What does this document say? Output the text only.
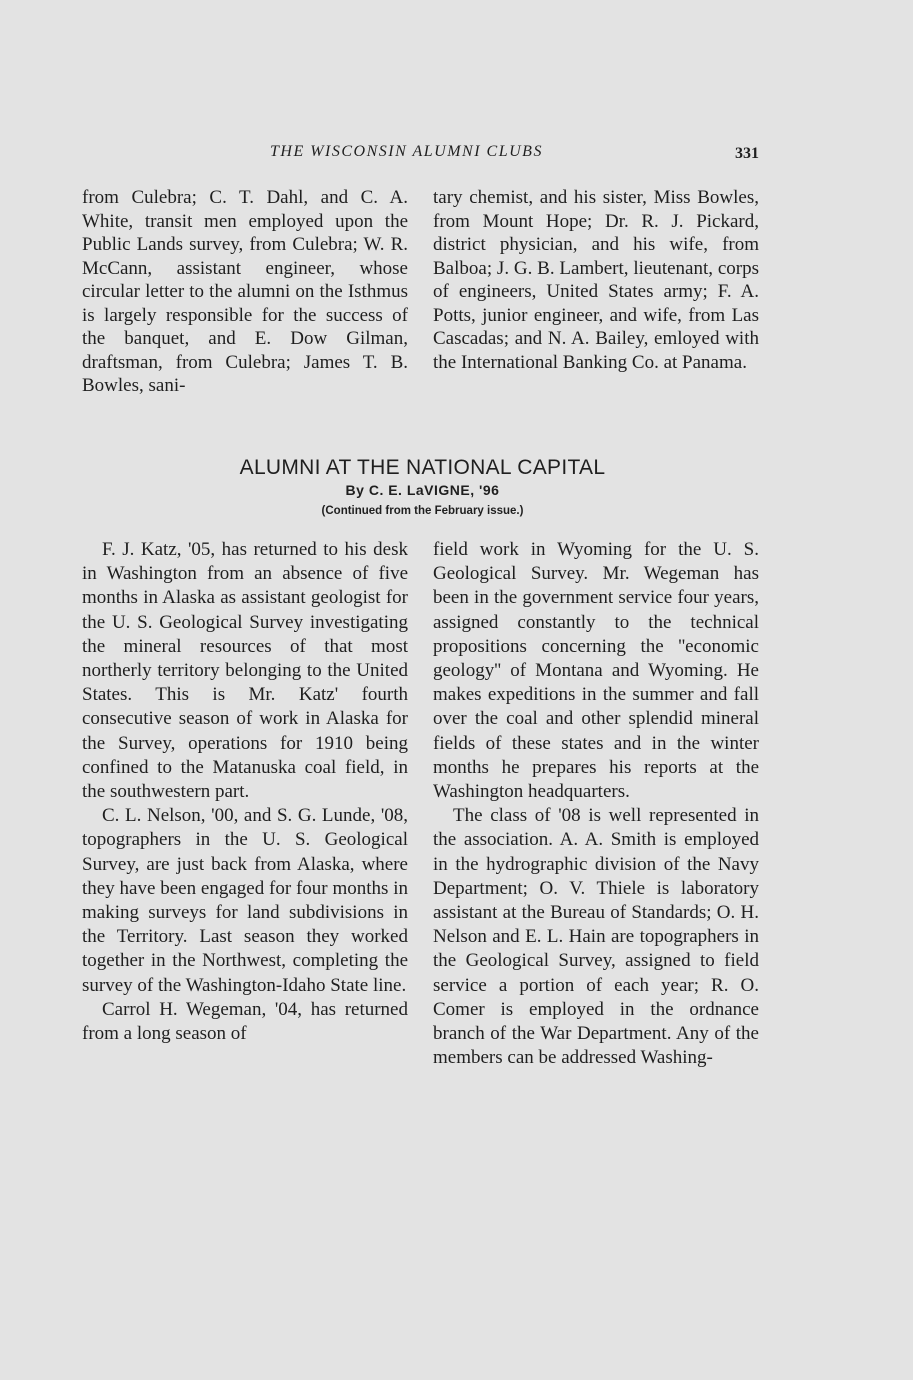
THE WISCONSIN ALUMNI CLUBS	331

from Culebra; C. T. Dahl, and C. A. White, transit men employed upon the Public Lands survey, from Culebra; W. R. McCann, assistant engineer, whose circular letter to the alumni on the Isthmus is largely responsible for the success of the banquet, and E. Dow Gilman, draftsman, from Culebra; James T. B. Bowles, sani-

tary chemist, and his sister, Miss Bowles, from Mount Hope; Dr. R. J. Pickard, district physician, and his wife, from Balboa; J. G. B. Lambert, lieutenant, corps of engineers, United States army; F. A. Potts, junior engineer, and wife, from Las Cascadas; and N. A. Bailey, emloyed with the International Banking Co. at Panama.

ALUMNI AT THE NATIONAL CAPITAL
By C. E. LaVIGNE, '96
(Continued from the February issue.)

F. J. Katz, '05, has returned to his desk in Washington from an absence of five months in Alaska as assistant geologist for the U. S. Geological Survey investigating the mineral resources of that most northerly territory belonging to the United States. This is Mr. Katz' fourth consecutive season of work in Alaska for the Survey, operations for 1910 being confined to the Matanuska coal field, in the southwestern part.

C. L. Nelson, '00, and S. G. Lunde, '08, topographers in the U. S. Geological Survey, are just back from Alaska, where they have been engaged for four months in making surveys for land subdivisions in the Territory. Last season they worked together in the Northwest, completing the survey of the Washington-Idaho State line.

Carrol H. Wegeman, '04, has returned from a long season of

field work in Wyoming for the U. S. Geological Survey. Mr. Wegeman has been in the government service four years, assigned constantly to the technical propositions concerning the ''economic geology'' of Montana and Wyoming. He makes expeditions in the summer and fall over the coal and other splendid mineral fields of these states and in the winter months he prepares his reports at the Washington headquarters.

The class of '08 is well represented in the association. A. A. Smith is employed in the hydrographic division of the Navy Department; O. V. Thiele is laboratory assistant at the Bureau of Standards; O. H. Nelson and E. L. Hain are topographers in the Geological Survey, assigned to field service a portion of each year; R. O. Comer is employed in the ordnance branch of the War Department. Any of the members can be addressed Washing-
